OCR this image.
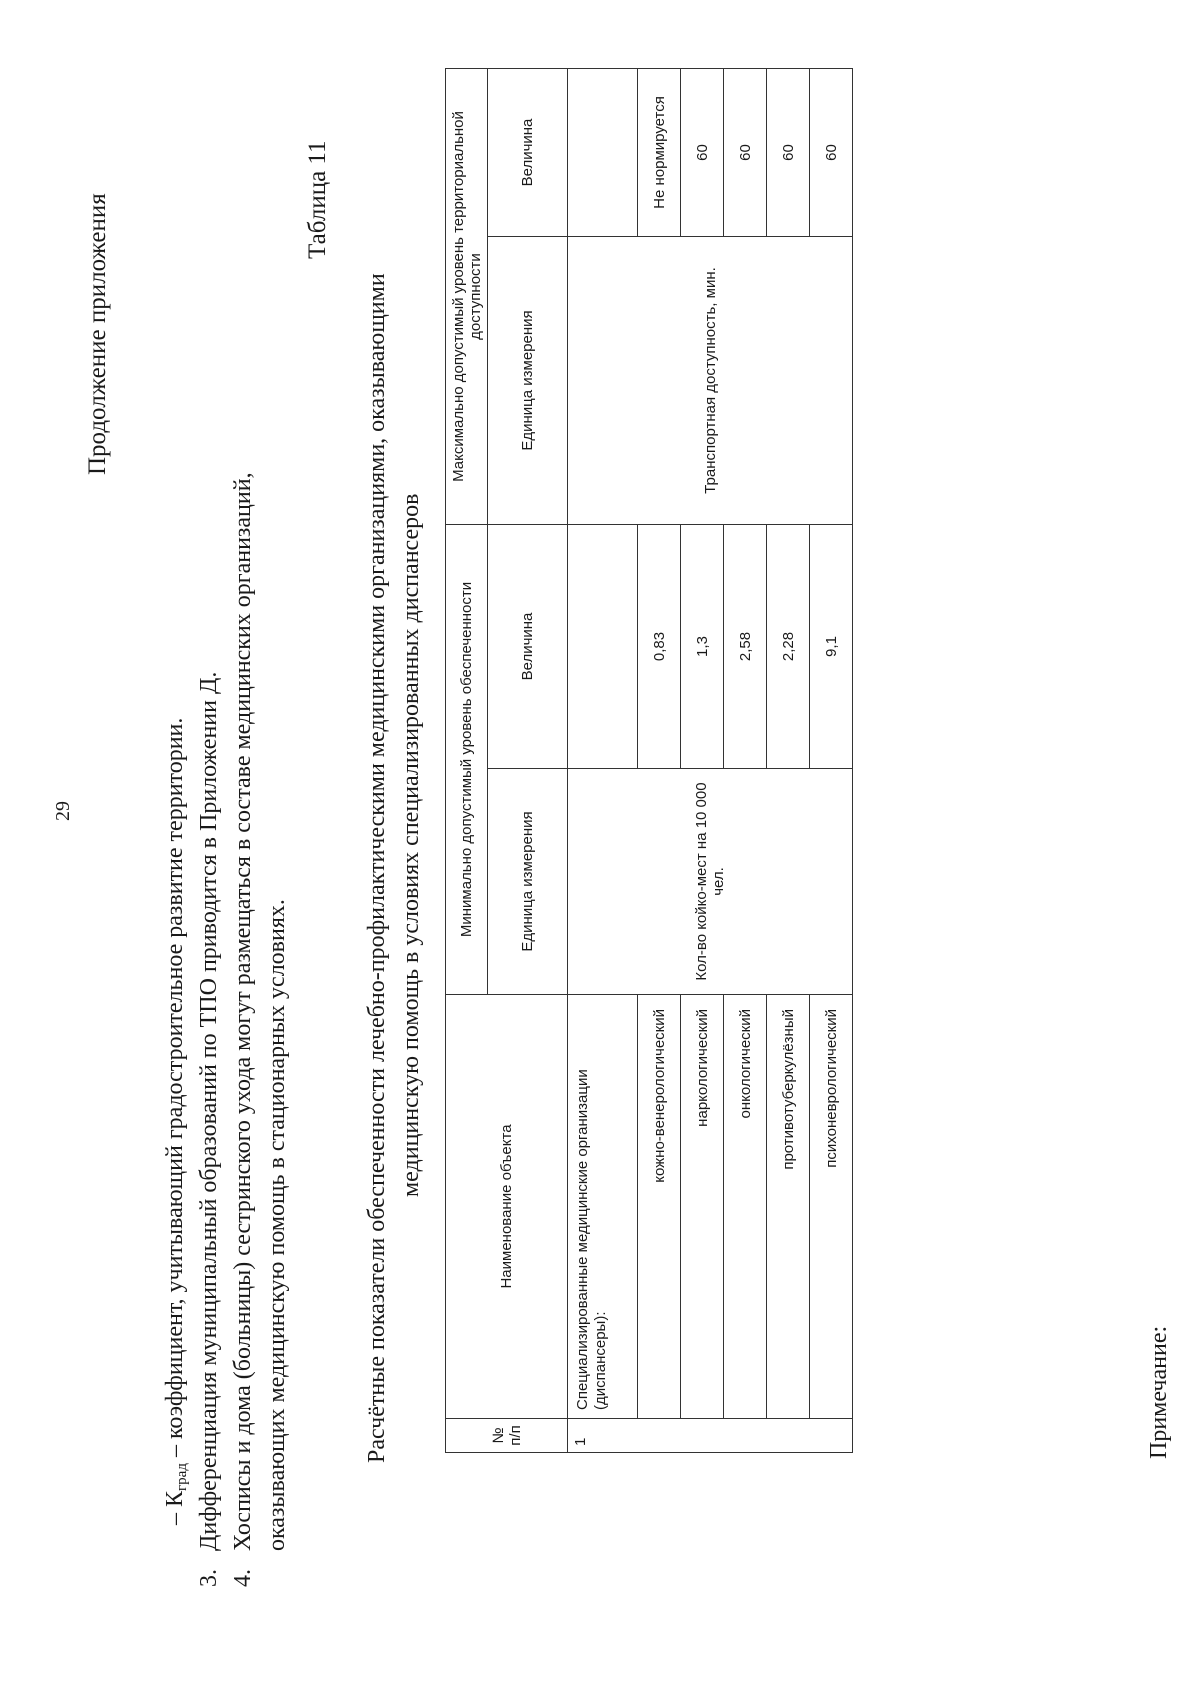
29
Продолжение приложения
– $К_{град}$ – коэффициент, учитывающий градостроительное развитие территории.
3.Дифференциация муниципальный образований по ТПО приводится в Приложении Д.
4.Хосписы и дома (больницы) сестринского ухода могут размещаться в составе медицинских организаций, оказывающих медицинскую помощь в стационарных условиях.
Таблица 11
Расчётные показатели обеспеченности лечебно-профилактическими медицинскими организациями, оказывающими медицинскую помощь в условиях специализированных диспансеров
№ п/п	Наименование объекта	Минимально допустимый уровень обеспеченности		Максимально допустимый уровень территориальной доступности	
		Единица измерения	Величина	Единица измерения	Величина
1	Специализированные медицинские организации (диспансеры):	Кол-во койко-мест на 10 000 чел.		Транспортная доступность, мин.	
	кожно-венерологический		0,83		Не нормируется
	наркологический		1,3		60
	онкологический		2,58		60
	противотуберкулёзный		2,28		60
	психоневрологический		9,1		60
Примечание:
